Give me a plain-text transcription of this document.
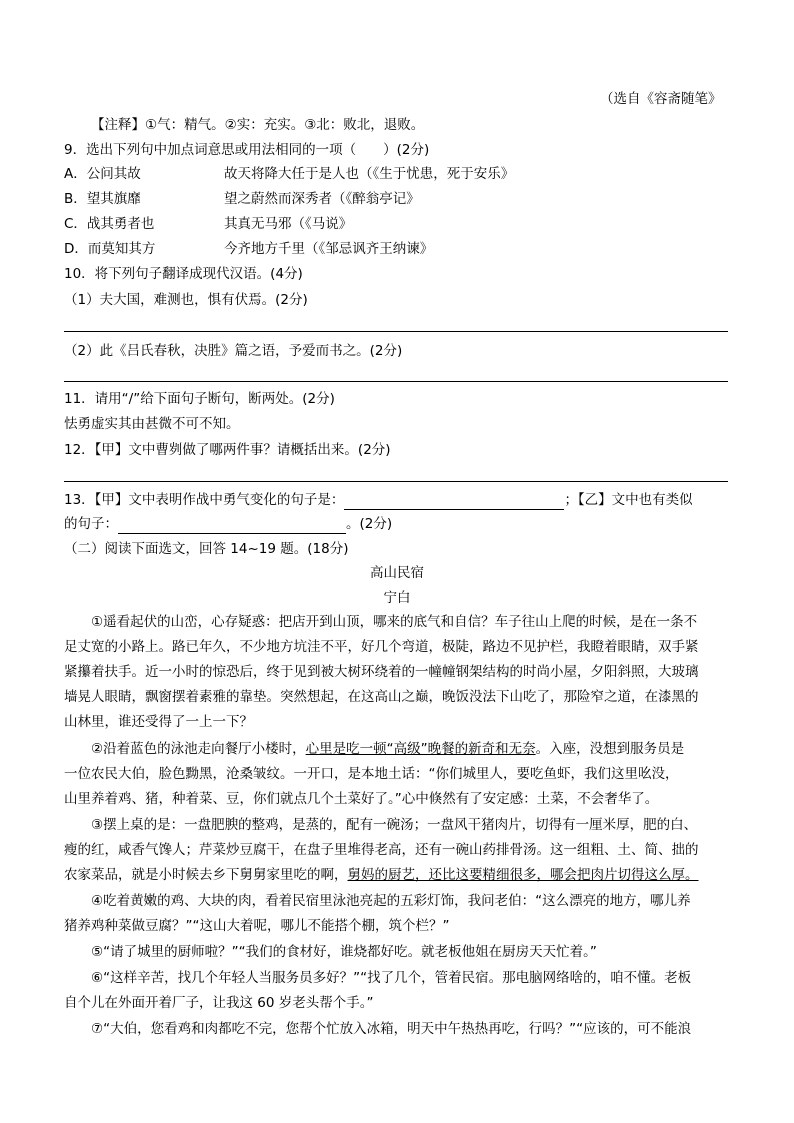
（选自《容斋随笔》
【注释】①气：精气。②实：充实。③北：败北，退败。
9．选出下列句中加点词意思或用法相同的一项（　　）(2分)
A．公问其故	故天将降大任于是人也（《生于忧患，死于安乐》
B．望其旗靡	望之蔚然而深秀者（《醉翁亭记》
C．战其勇者也	其真无马邪（《马说》
D．而莫知其方	今齐地方千里（《邹忌讽齐王纳谏》
10．将下列句子翻译成现代汉语。(4分)
（1）夫大国，难测也，惧有伏焉。(2分)
（2）此《吕氏春秋，决胜》篇之语，予爱而书之。(2分)
11．请用“/”给下面句子断句，断两处。(2分)
怯勇虚实其由甚微不可不知。
12．【甲】文中曹刿做了哪两件事？请概括出来。(2分)
13．【甲】文中表明作战中勇气变化的句子是：	；【乙】文中也有类似
的句子：	。(2分)
（二）阅读下面选文，回答 14~19 题。(18分)
高山民宿
宁白
①遥看起伏的山峦，心存疑惑：把店开到山顶，哪来的底气和自信？车子往山上爬的时候，是在一条不
足丈宽的小路上。路已年久，不少地方坑洼不平，好几个弯道，极陡，路边不见护栏，我瞪着眼睛，双手紧
紧攥着扶手。近一小时的惊恐后，终于见到被大树环绕着的一幢幢钢架结构的时尚小屋，夕阳斜照，大玻璃
墙晃人眼睛，飘窗摆着素雅的靠垫。突然想起，在这高山之巅，晚饭没法下山吃了，那险窄之道，在漆黑的
山林里，谁还受得了一上一下？
②沿着蓝色的泳池走向餐厅小楼时，心里是吃一顿“高级”晚餐的新奇和无奈。入座，没想到服务员是
一位农民大伯，脸色黝黑，沧桑皱纹。一开口，是本地土话：“你们城里人，要吃鱼虾，我们这里吆没，
山里养着鸡、猪，种着菜、豆，你们就点几个土菜好了。”心中倏然有了安定感：土菜，不会奢华了。
③摆上桌的是：一盘肥腴的整鸡，是蒸的，配有一碗汤；一盘风干猪肉片，切得有一厘米厚，肥的白、
瘦的红，咸香气馋人；芹菜炒豆腐干，在盘子里堆得老高，还有一碗山药排骨汤。这一组粗、土、简、拙的
农家菜品，就是小时候去乡下舅舅家里吃的啊，舅妈的厨艺，还比这要精细很多，哪会把肉片切得这么厚。
④吃着黄嫩的鸡、大块的肉，看着民宿里泳池亮起的五彩灯饰，我问老伯：“这么漂亮的地方，哪儿养
猪养鸡种菜做豆腐？”“这山大着呢，哪儿不能搭个棚，筑个栏？”
⑤“请了城里的厨师啦？”“我们的食材好，谁烧都好吃。就老板他姐在厨房天天忙着。”
⑥“这样辛苦，找几个年轻人当服务员多好？”“找了几个，管着民宿。那电脑网络啥的，咱不懂。老板
自个儿在外面开着厂子，让我这 60 岁老头帮个手。”
⑦“大伯，您看鸡和肉都吃不完，您帮个忙放入冰箱，明天中午热热再吃，行吗？”“应该的，可不能浪
